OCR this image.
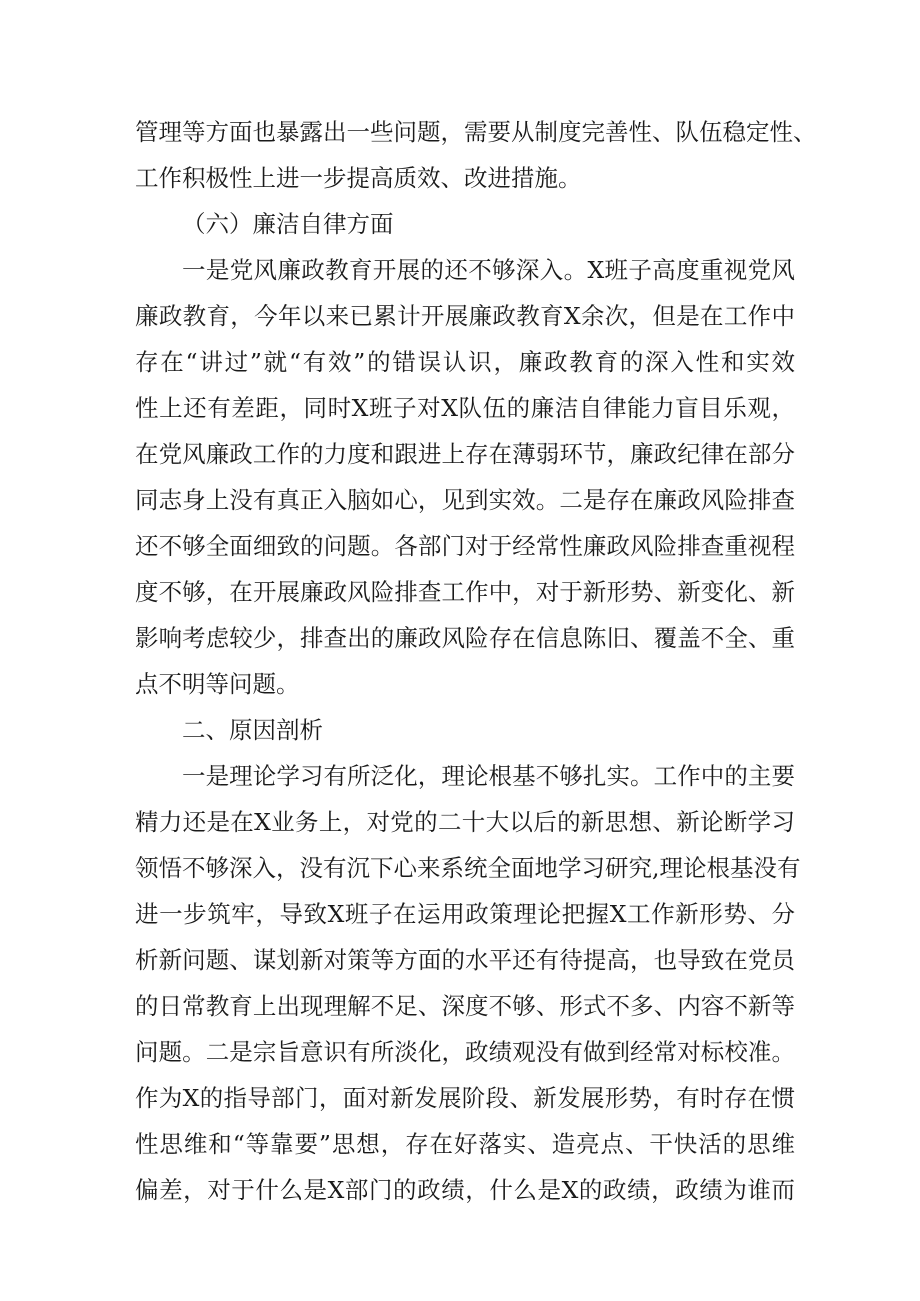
管理等方面也暴露出一些问题，需要从制度完善性、队伍稳定性、
工作积极性上进一步提高质效、改进措施。
（六）廉洁自律方面
一是党风廉政教育开展的还不够深入。X班子高度重视党风
廉政教育，今年以来已累计开展廉政教育X余次，但是在工作中
存在“讲过”就“有效”的错误认识，廉政教育的深入性和实效
性上还有差距，同时X班子对X队伍的廉洁自律能力盲目乐观，
在党风廉政工作的力度和跟进上存在薄弱环节，廉政纪律在部分
同志身上没有真正入脑如心，见到实效。二是存在廉政风险排查
还不够全面细致的问题。各部门对于经常性廉政风险排查重视程
度不够，在开展廉政风险排查工作中，对于新形势、新变化、新
影响考虑较少，排查出的廉政风险存在信息陈旧、覆盖不全、重
点不明等问题。
二、原因剖析
一是理论学习有所泛化，理论根基不够扎实。工作中的主要
精力还是在X业务上，对党的二十大以后的新思想、新论断学习
领悟不够深入，没有沉下心来系统全面地学习研究,理论根基没有
进一步筑牢，导致X班子在运用政策理论把握X工作新形势、分
析新问题、谋划新对策等方面的水平还有待提高，也导致在党员
的日常教育上出现理解不足、深度不够、形式不多、内容不新等
问题。二是宗旨意识有所淡化，政绩观没有做到经常对标校准。
作为X的指导部门，面对新发展阶段、新发展形势，有时存在惯
性思维和“等靠要”思想，存在好落实、造亮点、干快活的思维
偏差，对于什么是X部门的政绩，什么是X的政绩，政绩为谁而
